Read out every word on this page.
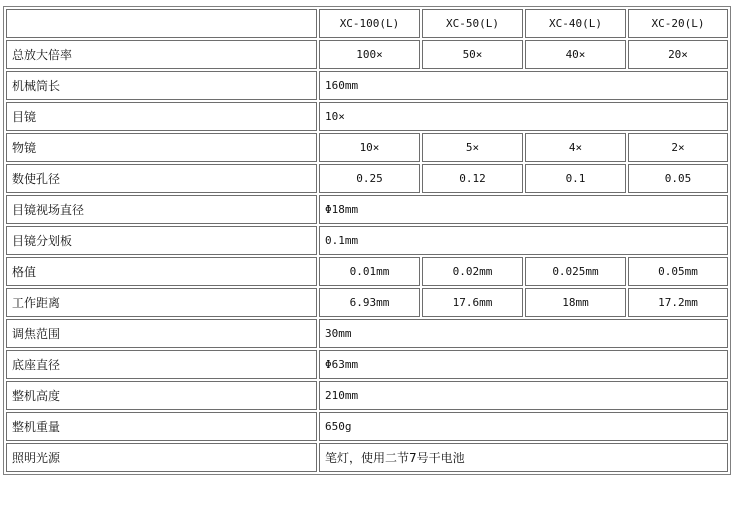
	XC-100(L)	XC-50(L)	XC-40(L)	XC-20(L)
总放大倍率	100×	50×	40×	20×
机械筒长	160mm			
目镜	10×			
物镜	10×	5×	4×	2×
数使孔径	0.25	0.12	0.1	0.05
目镜视场直径	Φ18mm			
目镜分划板	0.1mm			
格值	0.01mm	0.02mm	0.025mm	0.05mm
工作距离	6.93mm	17.6mm	18mm	17.2mm
调焦范围	30mm			
底座直径	Φ63mm			
整机高度	210mm			
整机重量	650g			
照明光源	笔灯，使用二节7号干电池			
